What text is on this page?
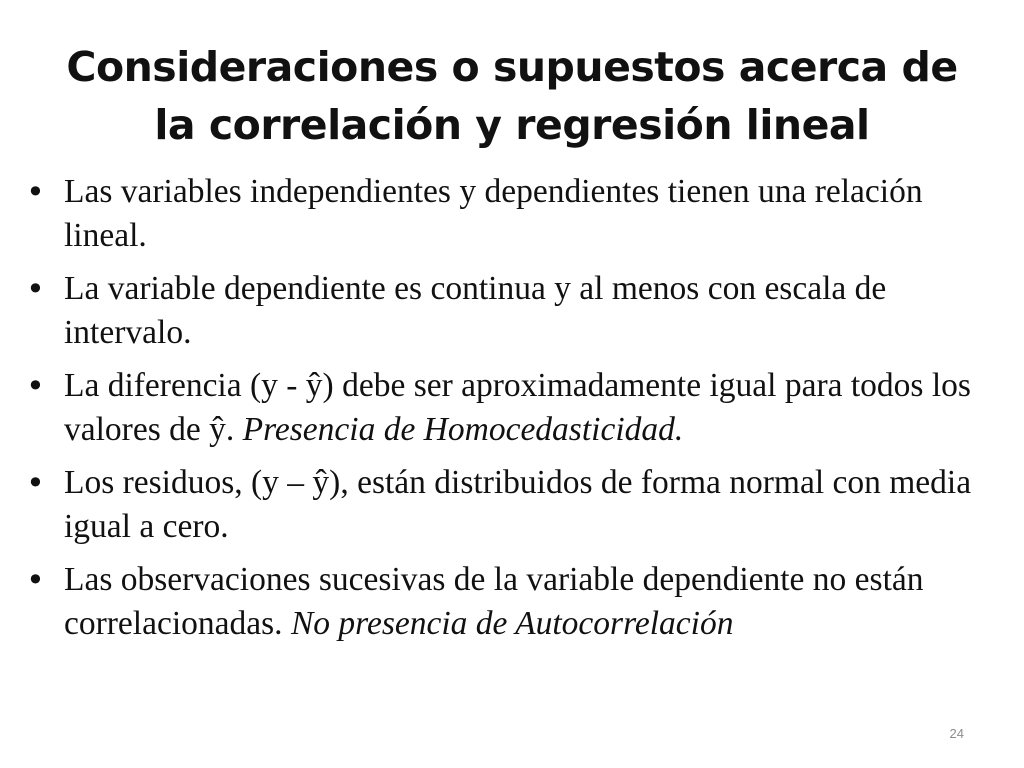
Consideraciones o supuestos acerca de
la correlación y regresión lineal
• Las variables independientes y dependientes tienen una relación lineal.
• La variable dependiente es continua y al menos con escala de intervalo.
• La diferencia (y - ŷ) debe ser aproximadamente igual para todos los valores de ŷ. Presencia de Homocedasticidad.
• Los residuos, (y – ŷ), están distribuidos de forma normal con media igual a cero.
• Las observaciones sucesivas de la variable dependiente no están correlacionadas. No presencia de Autocorrelación
24
